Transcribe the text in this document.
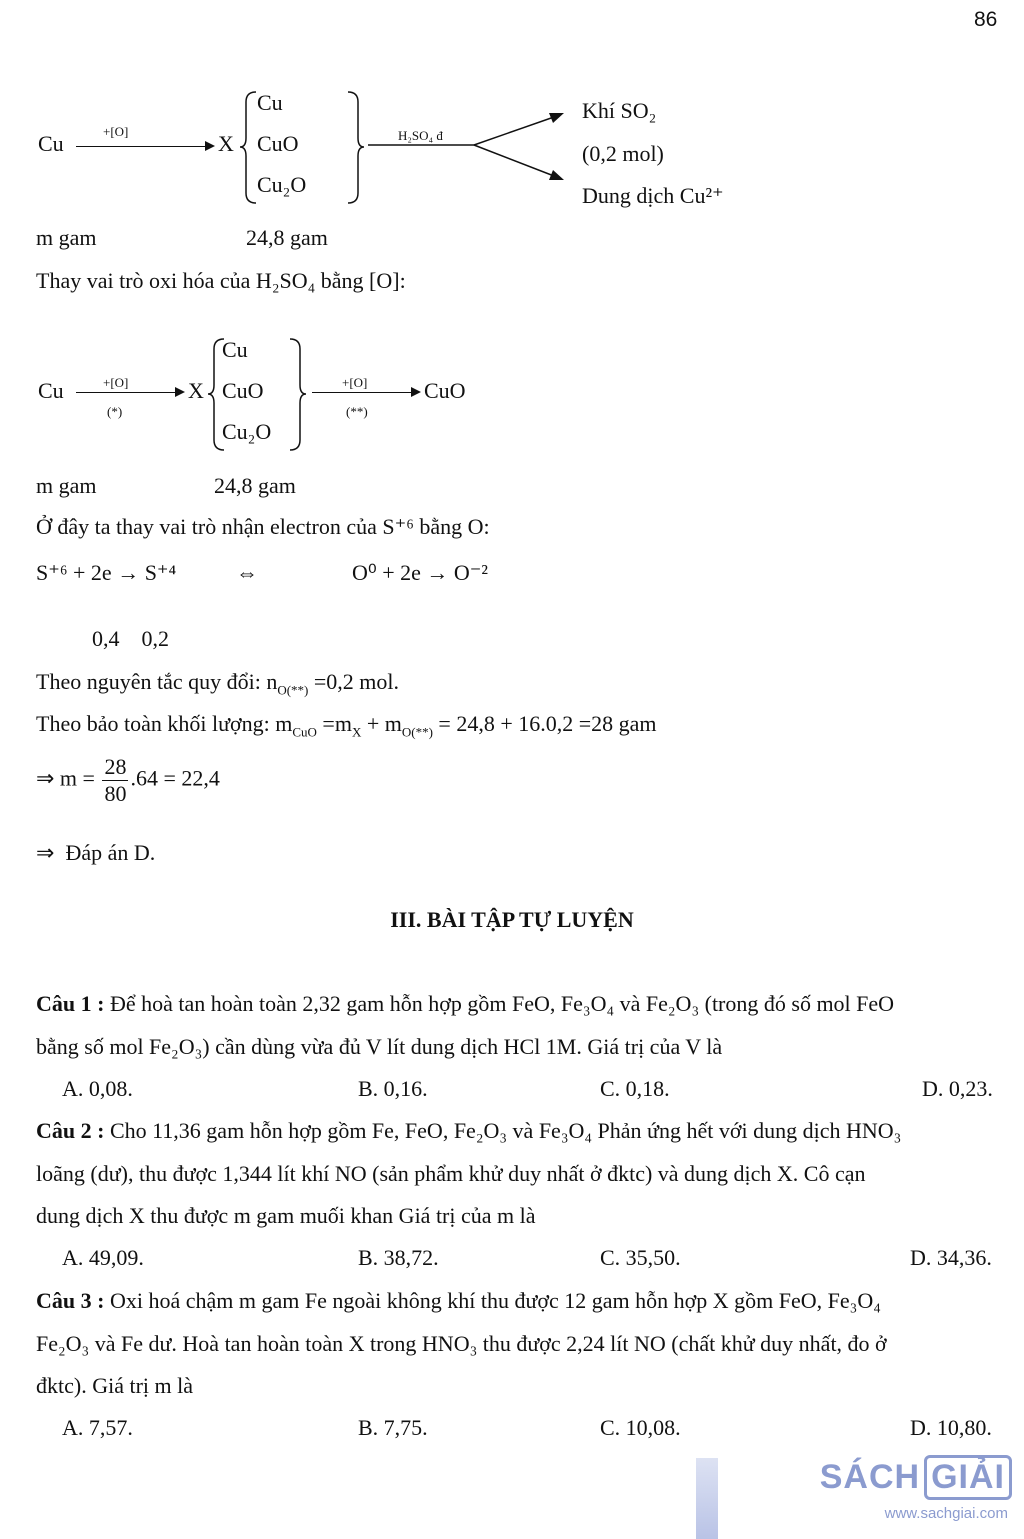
86
Cu	+[O]	X
Cu
CuO
Cu₂O
H₂SO₄ đ
Khí SO₂
(0,2 mol)
Dung dịch Cu²⁺
m gam	24,8 gam
Thay vai trò oxi hóa của H₂SO₄ bằng [O]:
Cu	+[O]
(*)
X
Cu
CuO
Cu₂O
+[O]
(**)
CuO
m gam	24,8 gam
Ở đây ta thay vai trò nhận electron của S⁺⁶ bằng O:
S⁺⁶ + 2e → S⁺⁴	⇔	O⁰ + 2e → O⁻²
0,4    0,2
Theo nguyên tắc quy đổi: $n_{O(**)} =0,2$ mol.
Theo bảo toàn khối lượng: $m_{CuO} =m_X + m_{O(**)} = 24,8 + 16.0,2 =28$ gam
⇒ $m = \frac{28}{80} .64 = 22,4$
⇒ Đáp án D.
III. BÀI TẬP TỰ LUYỆN
Câu 1 : Để hoà tan hoàn toàn 2,32 gam hỗn hợp gồm FeO, Fe₃O₄ và Fe₂O₃ (trong đó số mol FeO
bằng số mol Fe₂O₃) cần dùng vừa đủ V lít dung dịch HCl 1M. Giá trị của V là
A. 0,08.	B. 0,16.	C. 0,18.	D. 0,23.
Câu 2 : Cho 11,36 gam hỗn hợp gồm Fe, FeO, Fe₂O₃ và Fe₃O₄ Phản ứng hết với dung dịch HNO₃
loãng (dư), thu được 1,344 lít khí NO (sản phẩm khử duy nhất ở đktc) và dung dịch X. Cô cạn
dung dịch X thu được m gam muối khan Giá trị của m là
A. 49,09.	B. 38,72.	C. 35,50.	D. 34,36.
Câu 3 : Oxi hoá chậm m gam Fe ngoài không khí thu được 12 gam hỗn hợp X gồm FeO, Fe₃O₄
Fe₂O₃ và Fe dư. Hoà tan hoàn toàn X trong HNO₃ thu được 2,24 lít NO (chất khử duy nhất, đo ở
đktc). Giá trị m là
A. 7,57.	B. 7,75.	C. 10,08.	D. 10,80.
SÁCH GIẢI
www.sachgiai.com
